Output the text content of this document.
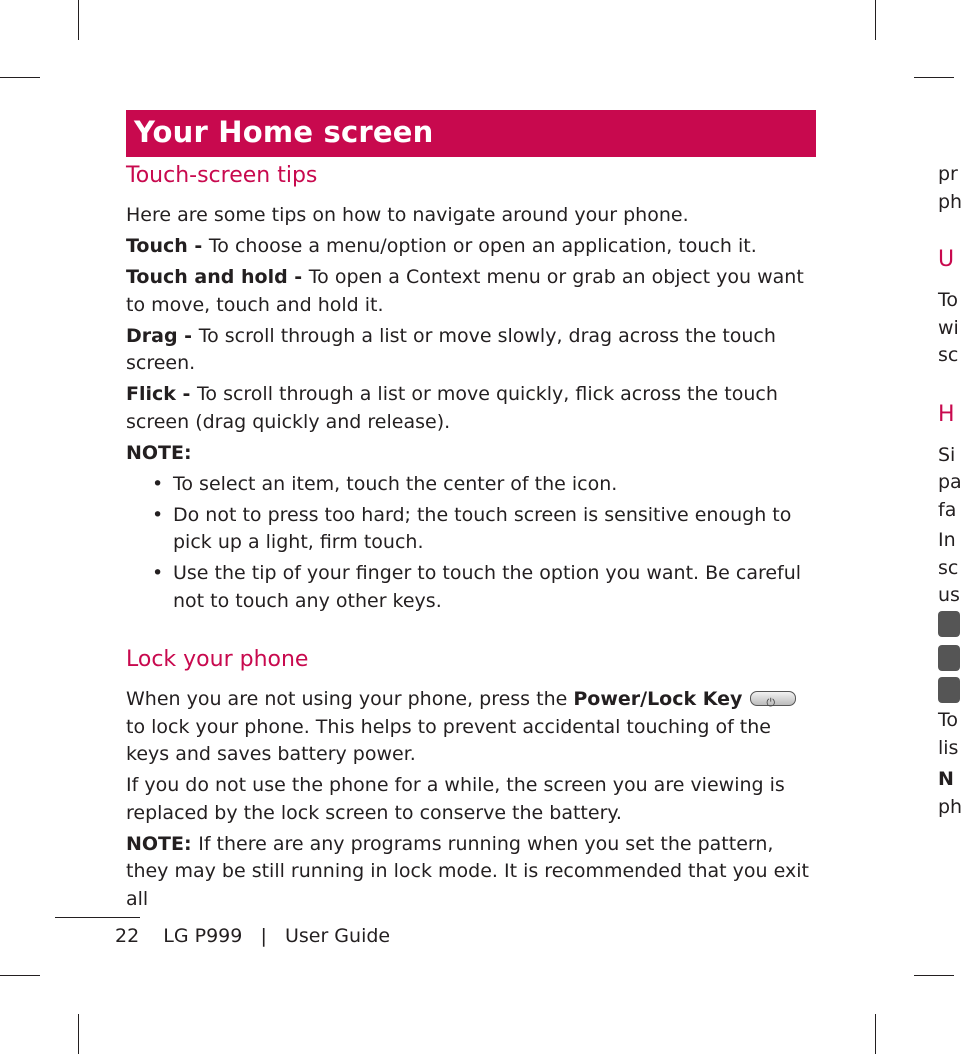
Your Home screen
Touch-screen tips

Here are some tips on how to navigate around your phone.

Touch - To choose a menu/option or open an application, touch it.

Touch and hold - To open a Context menu or grab an object you want to move, touch and hold it.

Drag - To scroll through a list or move slowly, drag across the touch screen.

Flick - To scroll through a list or move quickly, flick across the touch screen (drag quickly and release).

NOTE:

• To select an item, touch the center of the icon.
• Do not to press too hard; the touch screen is sensitive enough to pick up a light, firm touch.
• Use the tip of your finger to touch the option you want. Be careful not to touch any other keys.
Lock your phone

When you are not using your phone, press the Power/Lock Key⏻to lock your phone. This helps to prevent accidental touching of the keys and saves battery power.

If you do not use the phone for a while, the screen you are viewing is replaced by the lock screen to conserve the battery.

NOTE: If there are any programs running when you set the pattern, they may be still running in lock mode. It is recommended that you exit all

22 LG P999 | User Guide
pr
ph
U
To
wi
sc
H
Si
pa
fa
In
sc
us
To
lis
N
ph
